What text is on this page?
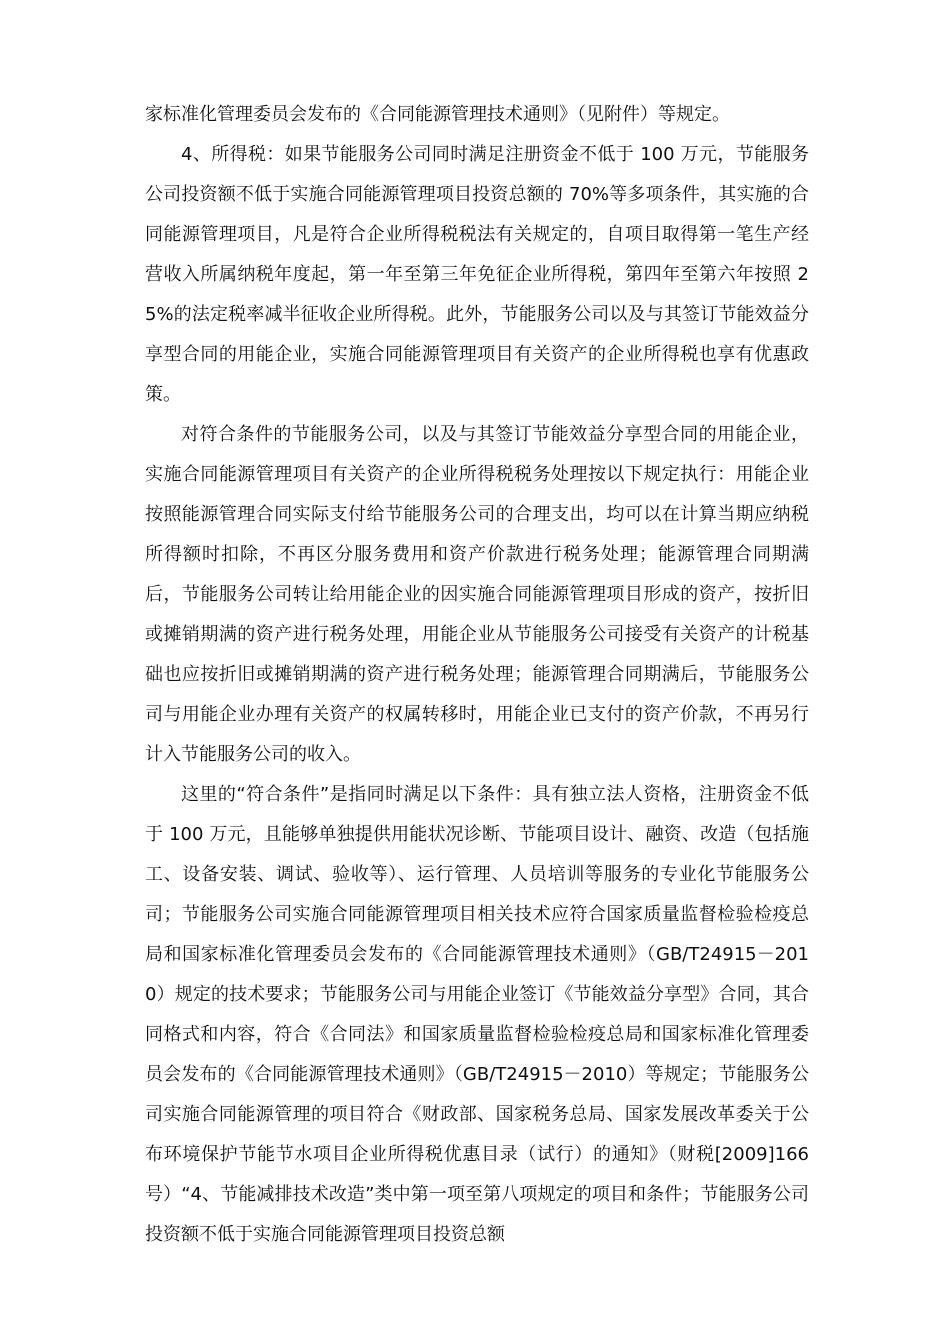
家标准化管理委员会发布的《合同能源管理技术通则》（见附件）等规定。

4、所得税：如果节能服务公司同时满足注册资金不低于 100 万元，节能服务公司投资额不低于实施合同能源管理项目投资总额的 70%等多项条件，其实施的合同能源管理项目，凡是符合企业所得税税法有关规定的，自项目取得第一笔生产经营收入所属纳税年度起，第一年至第三年免征企业所得税，第四年至第六年按照 25%的法定税率减半征收企业所得税。此外，节能服务公司以及与其签订节能效益分享型合同的用能企业，实施合同能源管理项目有关资产的企业所得税也享有优惠政策。

对符合条件的节能服务公司，以及与其签订节能效益分享型合同的用能企业，实施合同能源管理项目有关资产的企业所得税税务处理按以下规定执行：用能企业按照能源管理合同实际支付给节能服务公司的合理支出，均可以在计算当期应纳税所得额时扣除，不再区分服务费用和资产价款进行税务处理；能源管理合同期满后，节能服务公司转让给用能企业的因实施合同能源管理项目形成的资产，按折旧或摊销期满的资产进行税务处理，用能企业从节能服务公司接受有关资产的计税基础也应按折旧或摊销期满的资产进行税务处理；能源管理合同期满后，节能服务公司与用能企业办理有关资产的权属转移时，用能企业已支付的资产价款，不再另行计入节能服务公司的收入。

这里的“符合条件”是指同时满足以下条件：具有独立法人资格，注册资金不低于 100 万元，且能够单独提供用能状况诊断、节能项目设计、融资、改造（包括施工、设备安装、调试、验收等）、运行管理、人员培训等服务的专业化节能服务公司；节能服务公司实施合同能源管理项目相关技术应符合国家质量监督检验检疫总局和国家标准化管理委员会发布的《合同能源管理技术通则》（GB/T24915－2010）规定的技术要求；节能服务公司与用能企业签订《节能效益分享型》合同，其合同格式和内容，符合《合同法》和国家质量监督检验检疫总局和国家标准化管理委员会发布的《合同能源管理技术通则》（GB/T24915－2010）等规定；节能服务公司实施合同能源管理的项目符合《财政部、国家税务总局、国家发展改革委关于公布环境保护节能节水项目企业所得税优惠目录（试行）的通知》（财税[2009]166 号）“4、节能减排技术改造”类中第一项至第八项规定的项目和条件；节能服务公司投资额不低于实施合同能源管理项目投资总额
